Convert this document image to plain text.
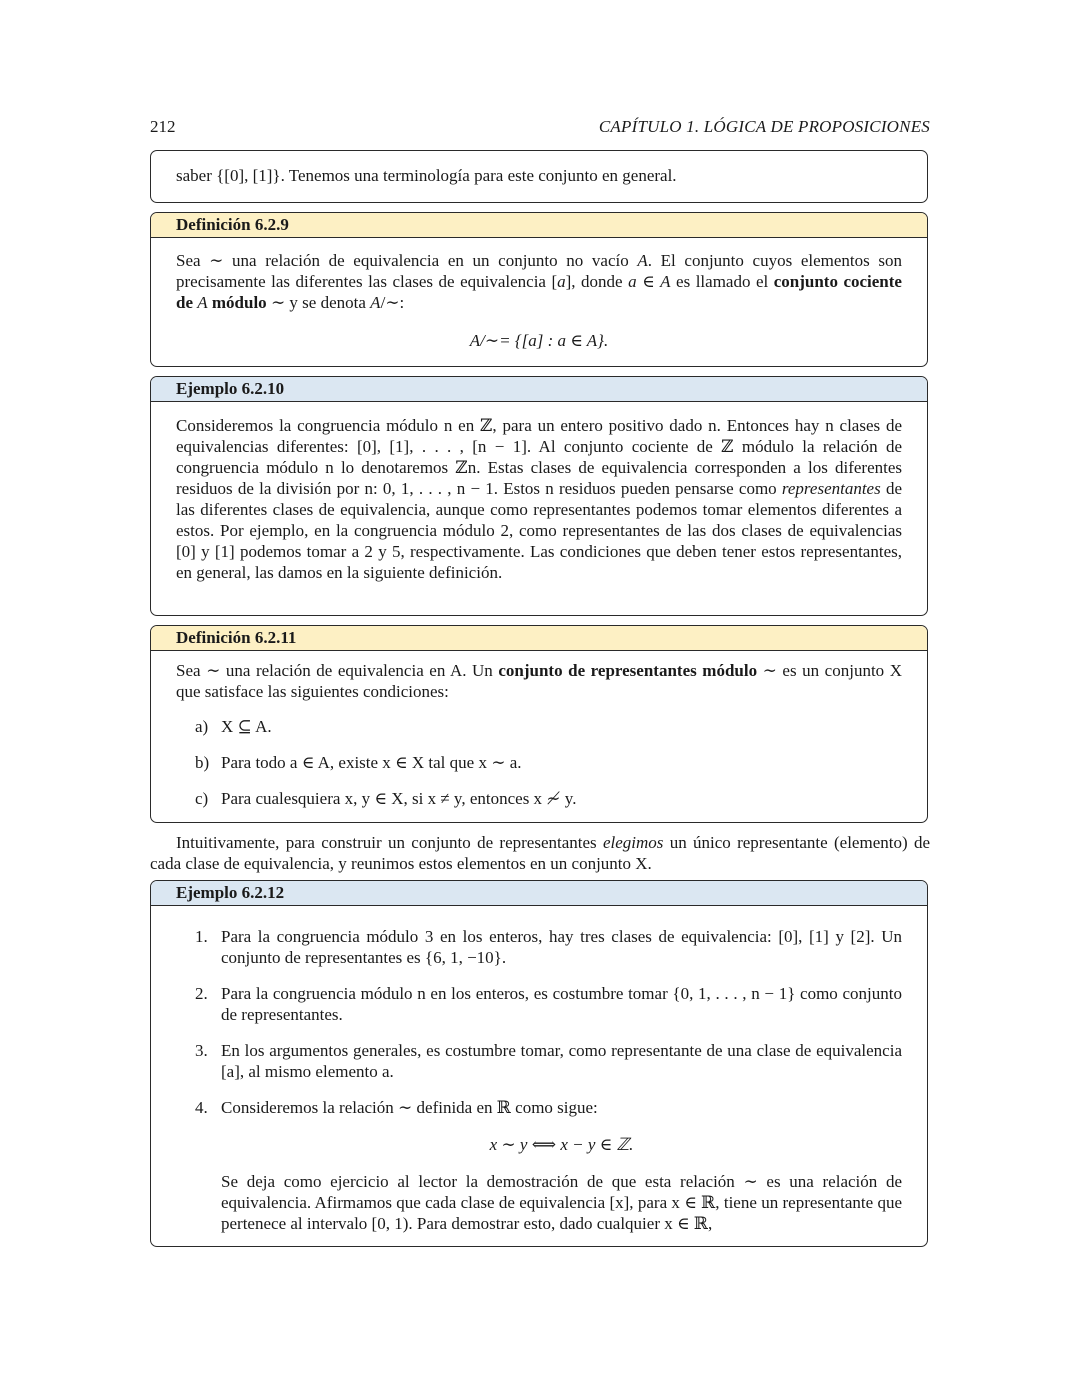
212	CAPÍTULO 1. LÓGICA DE PROPOSICIONES

saber {[0], [1]}. Tenemos una terminología para este conjunto en general.

Definición 6.2.9

Sea ∼ una relación de equivalencia en un conjunto no vacío A. El conjunto cuyos elementos son precisamente las diferentes las clases de equivalencia [a], donde a ∈ A es llamado el conjunto cociente de A módulo ∼ y se denota A/∼:

A/∼= {[a] : a ∈ A}.

Ejemplo 6.2.10

Consideremos la congruencia módulo n en ℤ, para un entero positivo dado n. Entonces hay n clases de equivalencias diferentes: [0], [1], . . . , [n − 1]. Al conjunto cociente de ℤ módulo la relación de congruencia módulo n lo denotaremos ℤn. Estas clases de equivalencia corresponden a los diferentes residuos de la división por n: 0, 1, . . . , n − 1. Estos n residuos pueden pensarse como representantes de las diferentes clases de equivalencia, aunque como representantes podemos tomar elementos diferentes a estos. Por ejemplo, en la congruencia módulo 2, como representantes de las dos clases de equivalencias [0] y [1] podemos tomar a 2 y 5, respectivamente. Las condiciones que deben tener estos representantes, en general, las damos en la siguiente definición.

Definición 6.2.11

Sea ∼ una relación de equivalencia en A. Un conjunto de representantes módulo ∼ es un conjunto X que satisface las siguientes condiciones:

a) X ⊆ A.
b) Para todo a ∈ A, existe x ∈ X tal que x ∼ a.
c) Para cualesquiera x, y ∈ X, si x ≠ y, entonces x ≁ y.
Intuitivamente, para construir un conjunto de representantes elegimos un único representante (elemento) de cada clase de equivalencia, y reunimos estos elementos en un conjunto X.
Ejemplo 6.2.12
1. Para la congruencia módulo 3 en los enteros, hay tres clases de equivalencia: [0], [1] y [2]. Un conjunto de representantes es {6, 1, −10}.
2. Para la congruencia módulo n en los enteros, es costumbre tomar {0, 1, . . . , n − 1} como conjunto de representantes.
3. En los argumentos generales, es costumbre tomar, como representante de una clase de equivalencia [a], al mismo elemento a.
4. Consideremos la relación ∼ definida en ℝ como sigue:

x ∼ y ⟺ x − y ∈ ℤ.

Se deja como ejercicio al lector la demostración de que esta relación ∼ es una relación de equivalencia. Afirmamos que cada clase de equivalencia [x], para x ∈ ℝ, tiene un representante que pertenece al intervalo [0, 1). Para demostrar esto, dado cualquier x ∈ ℝ,
